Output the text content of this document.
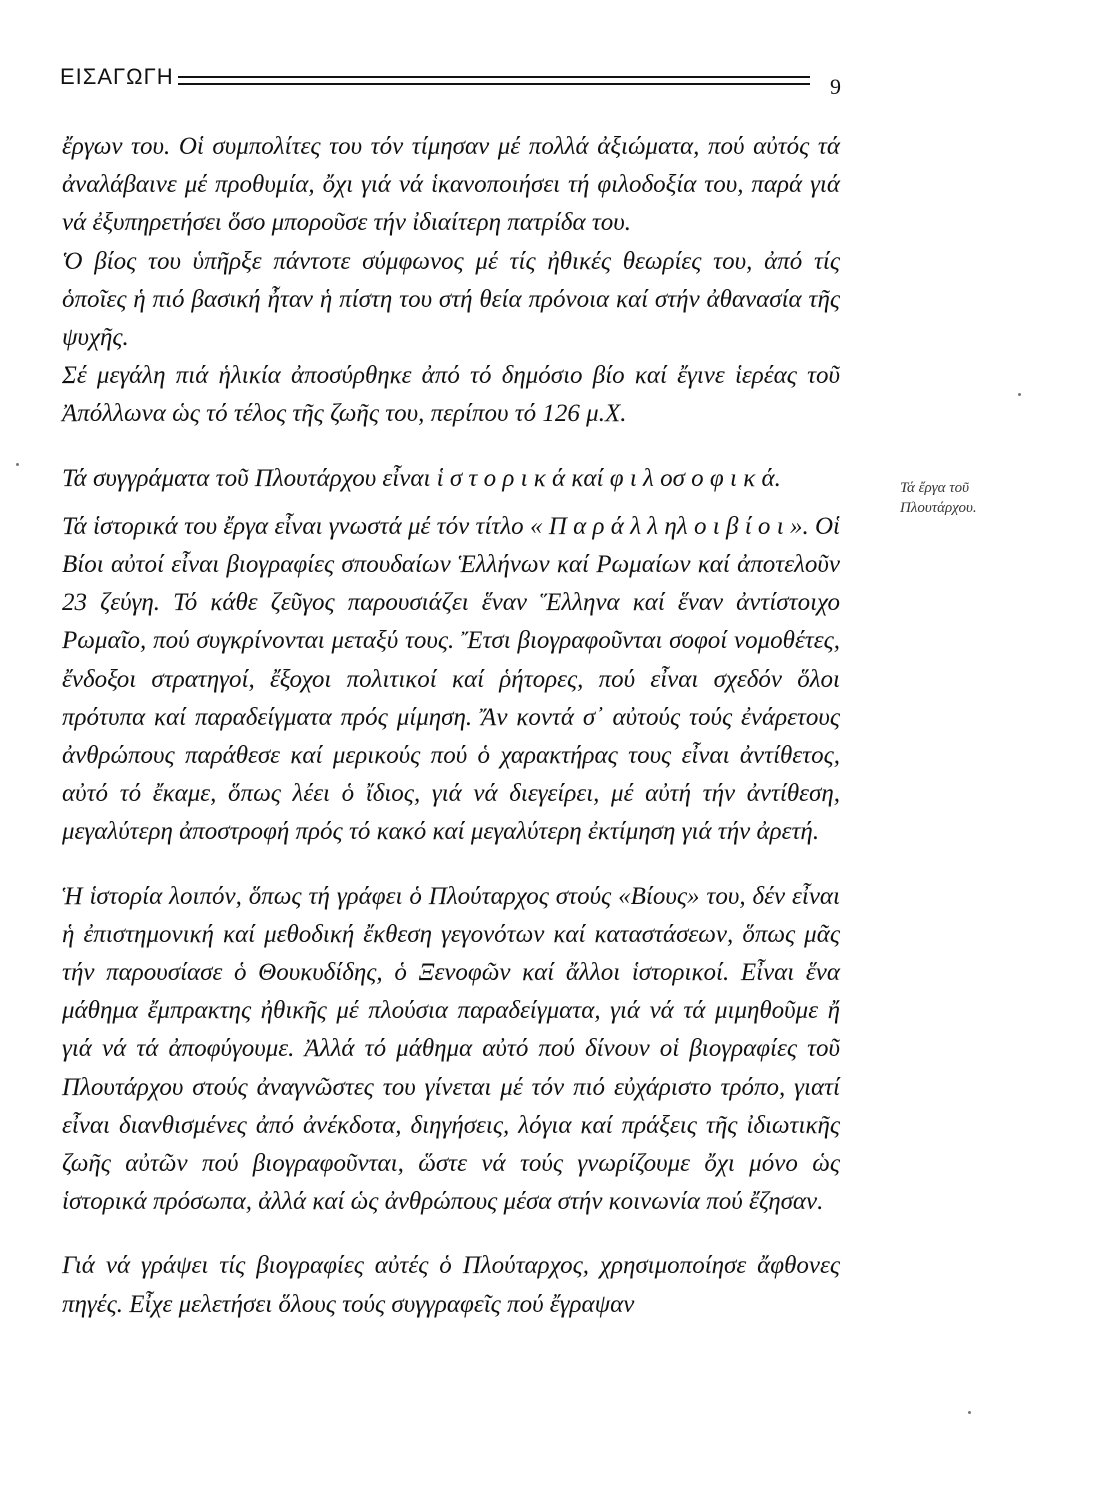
ΕΙΣΑΓΩΓΗ	9

ἔργων του. Οἱ συμπολίτες του τόν τίμησαν μέ πολλά ἀξιώματα, πού αὐτός τά ἀναλάβαινε μέ προθυμία, ὄχι γιά νά ἱκανοποιήσει τή φιλοδοξία του, παρά γιά νά ἐξυπηρετήσει ὅσο μποροῦσε τήν ἰδιαίτερη πατρίδα του.

Ὁ βίος του ὑπῆρξε πάντοτε σύμφωνος μέ τίς ἠθικές θεωρίες του, ἀπό τίς ὁποῖες ἡ πιό βασική ἦταν ἡ πίστη του στή θεία πρόνοια καί στήν ἀθανασία τῆς ψυχῆς.

Σέ μεγάλη πιά ἡλικία ἀποσύρθηκε ἀπό τό δημόσιο βίο καί ἔγινε ἱερέας τοῦ Ἀπόλλωνα ὡς τό τέλος τῆς ζωῆς του, περίπου τό 126 μ.Χ.

Τά συγγράματα τοῦ Πλουτάρχου εἶναι ἱ σ τ ο ρ ι κ ά καί φ ι λ οσ ο φ ι κ ά.

Τά ἱστορικά του ἔργα εἶναι γνωστά μέ τόν τίτλο « Π α ρ ά λ λ ηλ ο ι β ί ο ι ». Οἱ Βίοι αὐτοί εἶναι βιογραφίες σπουδαίων Ἑλλήνων καί Ρωμαίων καί ἀποτελοῦν 23 ζεύγη. Τό κάθε ζεῦγος παρουσιάζει ἕναν Ἕλληνα καί ἕναν ἀντίστοιχο Ρωμαῖο, πού συγκρίνονται μεταξύ τους. Ἔτσι βιογραφοῦνται σοφοί νομοθέτες, ἔνδοξοι στρατηγοί, ἔξοχοι πολιτικοί καί ῥήτορες, πού εἶναι σχεδόν ὅλοι πρότυπα καί παραδείγματα πρός μίμηση. Ἄν κοντά σ᾿ αὐτούς τούς ἐνάρετους ἀνθρώπους παράθεσε καί μερικούς πού ὁ χαρακτήρας τους εἶναι ἀντίθετος, αὐτό τό ἔκαμε, ὅπως λέει ὁ ἴδιος, γιά νά διεγείρει, μέ αὐτή τήν ἀντίθεση, μεγαλύτερη ἀποστροφή πρός τό κακό καί μεγαλύτερη ἐκτίμηση γιά τήν ἀρετή.

Ἡ ἱστορία λοιπόν, ὅπως τή γράφει ὁ Πλούταρχος στούς «Βίους» του, δέν εἶναι ἡ ἐπιστημονική καί μεθοδική ἔκθεση γεγονότων καί καταστάσεων, ὅπως μᾶς τήν παρουσίασε ὁ Θουκυδίδης, ὁ Ξενοφῶν καί ἄλλοι ἱστορικοί. Εἶναι ἕνα μάθημα ἔμπρακτης ἠθικῆς μέ πλούσια παραδείγματα, γιά νά τά μιμηθοῦμε ἤ γιά νά τά ἀποφύγουμε. Ἀλλά τό μάθημα αὐτό πού δίνουν οἱ βιογραφίες τοῦ Πλουτάρχου στούς ἀναγνῶστες του γίνεται μέ τόν πιό εὐχάριστο τρόπο, γιατί εἶναι διανθισμένες ἀπό ἀνέκδοτα, διηγήσεις, λόγια καί πράξεις τῆς ἰδιωτικῆς ζωῆς αὐτῶν πού βιογραφοῦνται, ὥστε νά τούς γνωρίζουμε ὄχι μόνο ὡς ἱστορικά πρόσωπα, ἀλλά καί ὡς ἀνθρώπους μέσα στήν κοινωνία πού ἔζησαν.

Γιά νά γράψει τίς βιογραφίες αὐτές ὁ Πλούταρχος, χρησιμοποίησε ἄφθονες πηγές. Εἶχε μελετήσει ὅλους τούς συγγραφεῖς πού ἔγραψαν

Τά ἔργα τοῦ
Πλουτάρχου.
